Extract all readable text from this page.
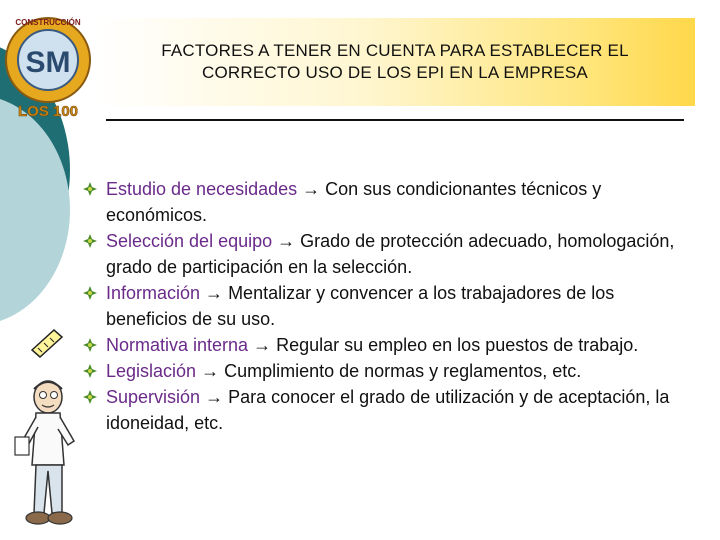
SM
CONSTRUCCIÓN
LOS 100
FACTORES A TENER EN CUENTA PARA ESTABLECER EL
CORRECTO USO DE LOS EPI EN LA EMPRESA
Estudio de necesidades → Con sus condicionantes técnicos y económicos.
Selección del equipo → Grado de protección adecuado, homologación, grado de participación en la selección.
Información → Mentalizar y convencer a los trabajadores de los beneficios de su uso.
Normativa interna → Regular su empleo en los puestos de trabajo.
Legislación → Cumplimiento de normas y reglamentos, etc.
Supervisión → Para conocer el grado de utilización y de aceptación, la idoneidad, etc.
